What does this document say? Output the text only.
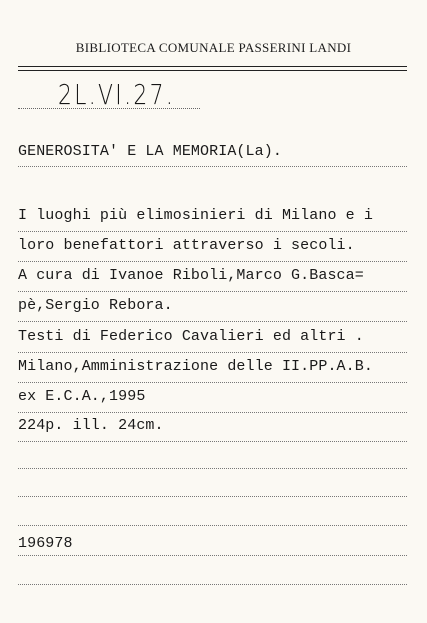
BIBLIOTECA COMUNALE PASSERINI LANDI
2L.VI.27.
GENEROSITA' E LA MEMORIA(La).
I luoghi più elimosinieri di Milano e i
loro benefattori attraverso i secoli.
A cura di Ivanoe Riboli,Marco G.Basca=
pè,Sergio Rebora.
Testi di Federico Cavalieri ed altri .
Milano,Amministrazione delle II.PP.A.B.
ex E.C.A.,1995
224p. ill. 24cm.
196978
